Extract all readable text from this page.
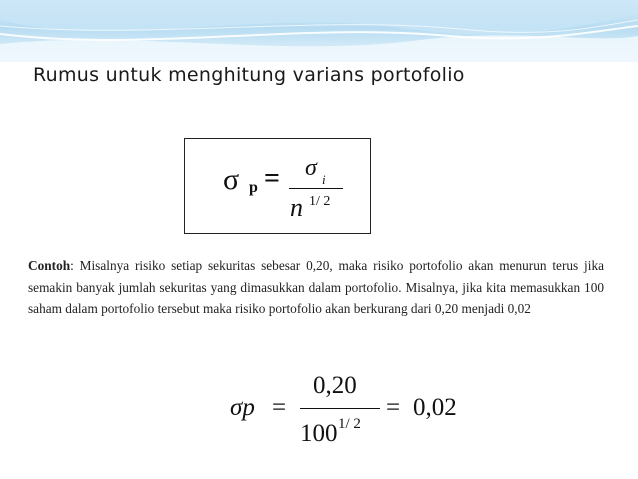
Rumus untuk menghitung varians portofolio
σ p = σ i
n 1/ 2
Contoh: Misalnya risiko setiap sekuritas sebesar 0,20, maka risiko portofolio akan menurun terus jika semakin banyak jumlah sekuritas yang dimasukkan dalam portofolio. Misalnya, jika kita memasukkan 100 saham dalam portofolio tersebut maka risiko portofolio akan berkurang dari 0,20 menjadi 0,02
σp =
0,20
100 1/ 2
= 0,02
